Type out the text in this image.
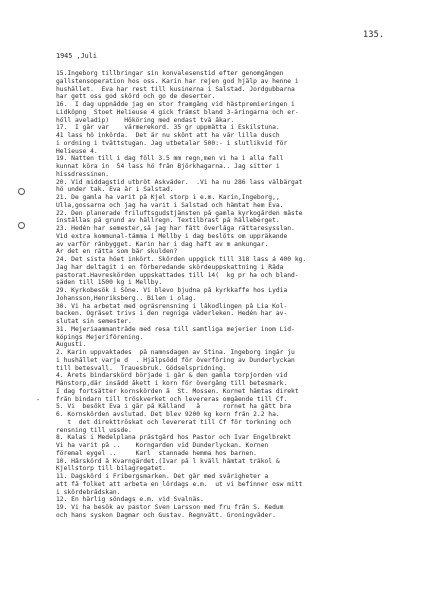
135.
1945 ,Juli
-
15.Ingeborg tillbringar sin konvalesenstid efter genomgången
gallstensoperation hos oss. Karin har rejen god hjälp av henne i
hushållet.  Eva har rest till kusinerna i Salstad. Jordgubbarna
har gett oss god skörd och go de deserter.
16.  I dag uppnådde jag en stor framgång vid hästpremieringen i
Lidköpng  Stoet Helieuse 4 gick främst bland 3-åringarna och er-
höll aveladip)    Hököring med endast två åkar.
17.  I går var    värmerekord. 35 gr uppmätta i Eskilstuna.
41 lass hö inkörda.  Det är nu skönt att ha vår lilla dusch
i ordning i tvättstugan. Jag utbetalar 500:- i slutlikvid för
Helieuse 4.
19. Natten till i dag föll 3.5 mm regn,men vi ha i alla fall
kunnat köra in  54 lass hö från Björkhagarna.. Jag sitter i
hissdressinen.
20. Vid middagstid utbröt Askväder.  .Vi ha nu 286 lass välbärgat
hö under tak. Eva är i Salstad.
21. De gamla ha varit på Kjel storp i e.m. Karin,Ingeborg,,
Ulla,gossarna och jag ha varit i Salstad och hämtat hem Eva.
22. Den planerade friluftsgudstjänsten på gamla kyrkogården måste
inställas på grund av hällregn. Textilbrast på hälleberget.
23. Hedén har semester,så jag har fått överlåga rättaresysslan.
Vid extra kommunal-tämma i Mellby i dag beslöts om uppräkande
av varför rånbygget. Karin har i dag haft av m ankungar.
Är det en rätta som bär skulden?
24. Det sista höet inkört. Skörden uppgick till 318 lass á 400 kg.
Jag har deltagit i en förberedande skördeuppskattning i Råda
pastorat.Havreskörden uppskattades till 14(  kg pr ha och bland-
säden till 1500 kg i Mellby.
29. Kyrkobesök i Söne. Vi blevo bjudna på kyrkkaffe hos Lydia
Johansson,Henriksberg.. Bilen i olag.
30. Vi ha arbetat med ogräsrensning i låkodlingen på Lia Kol-
backen. Ogräset trivs i den regniga väderleken. Hedén har av-
slutat sin semester.
31. Mejeriaammanträde med resa till samtliga mejerier inom Lid-
köpings Mejeriförening.
Augusti.
2. Karin uppvaktades  på namnsdagen av Stina. Ingeborg ingår ju
i hushållet varje d  . Hjälpsödd för överföring av Dunderlyckan
till betesvall.  Trauesbruk. Gödselspridning.
4. Årets bindarskörd började i går & den gamla torpjorden vid
Månstorp,där insådd åkett i korn för övergång till betesmark.
I dag fortsätter kornskörden å  St. Mossen. Kornet hämtas direkt
från bindarn till tröskverket och levereras omgående till Cf.
5. Vi  besökt Eva i går på Källand   å      rornet ha gått bra
6. Kornskörden avslutad. Det blev 9200 kg korn från 2.2 ha.
t  det direkttröskat och levererat till Cf för torkning och
rensning till ussde.
8. Kalas i Medelplana prästgård hos Pastor och Ivar Engelbrekt
Vi ha varit på ..    Korngarden vid Dunderlyckan. Kornen
föremal eygel ..     Karl  stannade hemma hos barnen.
10. Hårskörd å Kvarngärdet.(Ivar på l kväll hämtat träkol &
Kjellstorp till bilagregatet.
11. Dagskörd i Fribergsmarken. Det går med svårigheter a
att få folket att arbeta en lördags e.m.  ut vi befinner osw mitt
i skördebrådskan.
12. En härlig söndags e.m. vid Svalnäs.
19. Vi ha besök av pastor Sven Larsson med fru från S. Kedum
och hans syskon Dagmar och Gustav. Regnvätt. Groningväder.
